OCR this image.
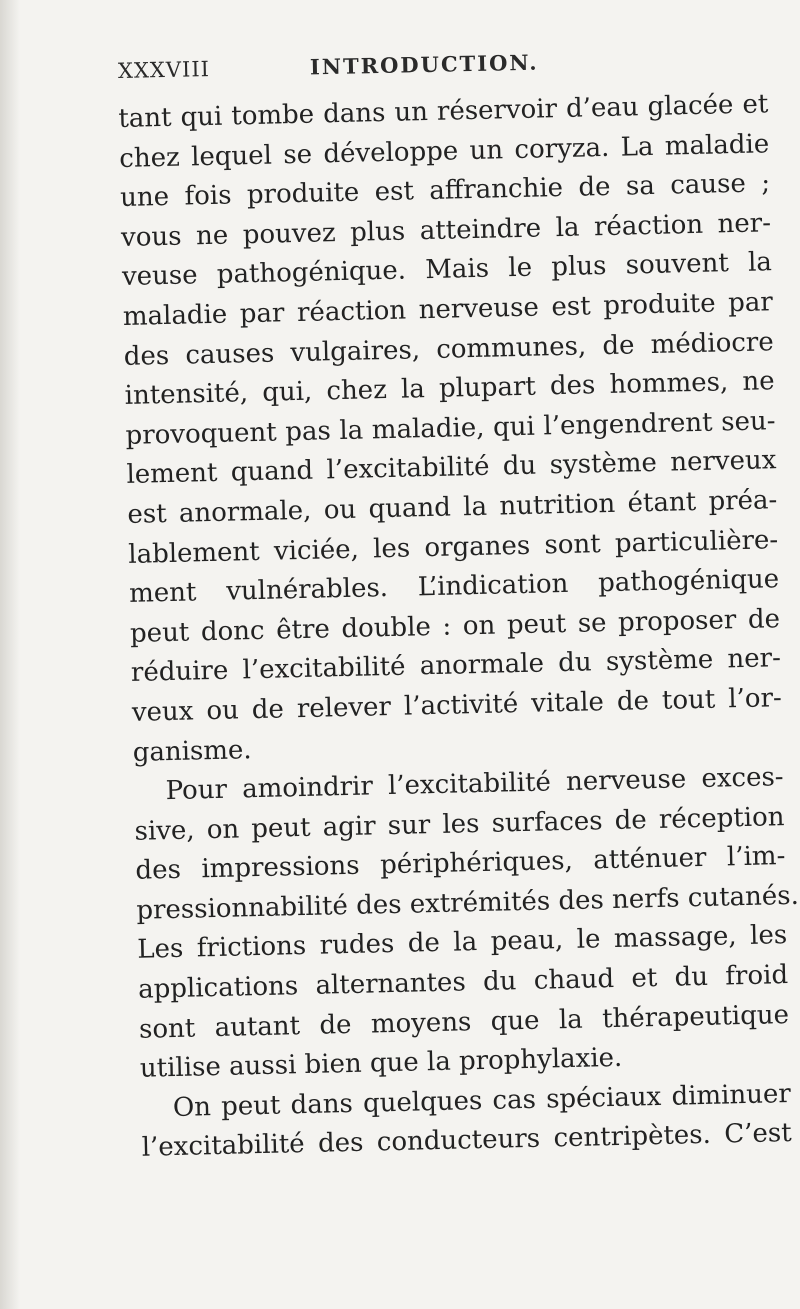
XXXVIII	INTRODUCTION.
tant qui tombe dans un réservoir d’eau glacée et
chez lequel se développe un coryza. La maladie
une fois produite est affranchie de sa cause ;
vous ne pouvez plus atteindre la réaction ner-
veuse pathogénique. Mais le plus souvent la
maladie par réaction nerveuse est produite par
des causes vulgaires, communes, de médiocre
intensité, qui, chez la plupart des hommes, ne
provoquent pas la maladie, qui l’engendrent seu-
lement quand l’excitabilité du système nerveux
est anormale, ou quand la nutrition étant préa-
lablement viciée, les organes sont particulière-
ment vulnérables. L’indication pathogénique
peut donc être double : on peut se proposer de
réduire l’excitabilité anormale du système ner-
veux ou de relever l’activité vitale de tout l’or-
ganisme.
Pour amoindrir l’excitabilité nerveuse exces-
sive, on peut agir sur les surfaces de réception
des impressions périphériques, atténuer l’im-
pressionnabilité des extrémités des nerfs cutanés.
Les frictions rudes de la peau, le massage, les
applications alternantes du chaud et du froid
sont autant de moyens que la thérapeutique
utilise aussi bien que la prophylaxie.
On peut dans quelques cas spéciaux diminuer
l’excitabilité des conducteurs centripètes. C’est
